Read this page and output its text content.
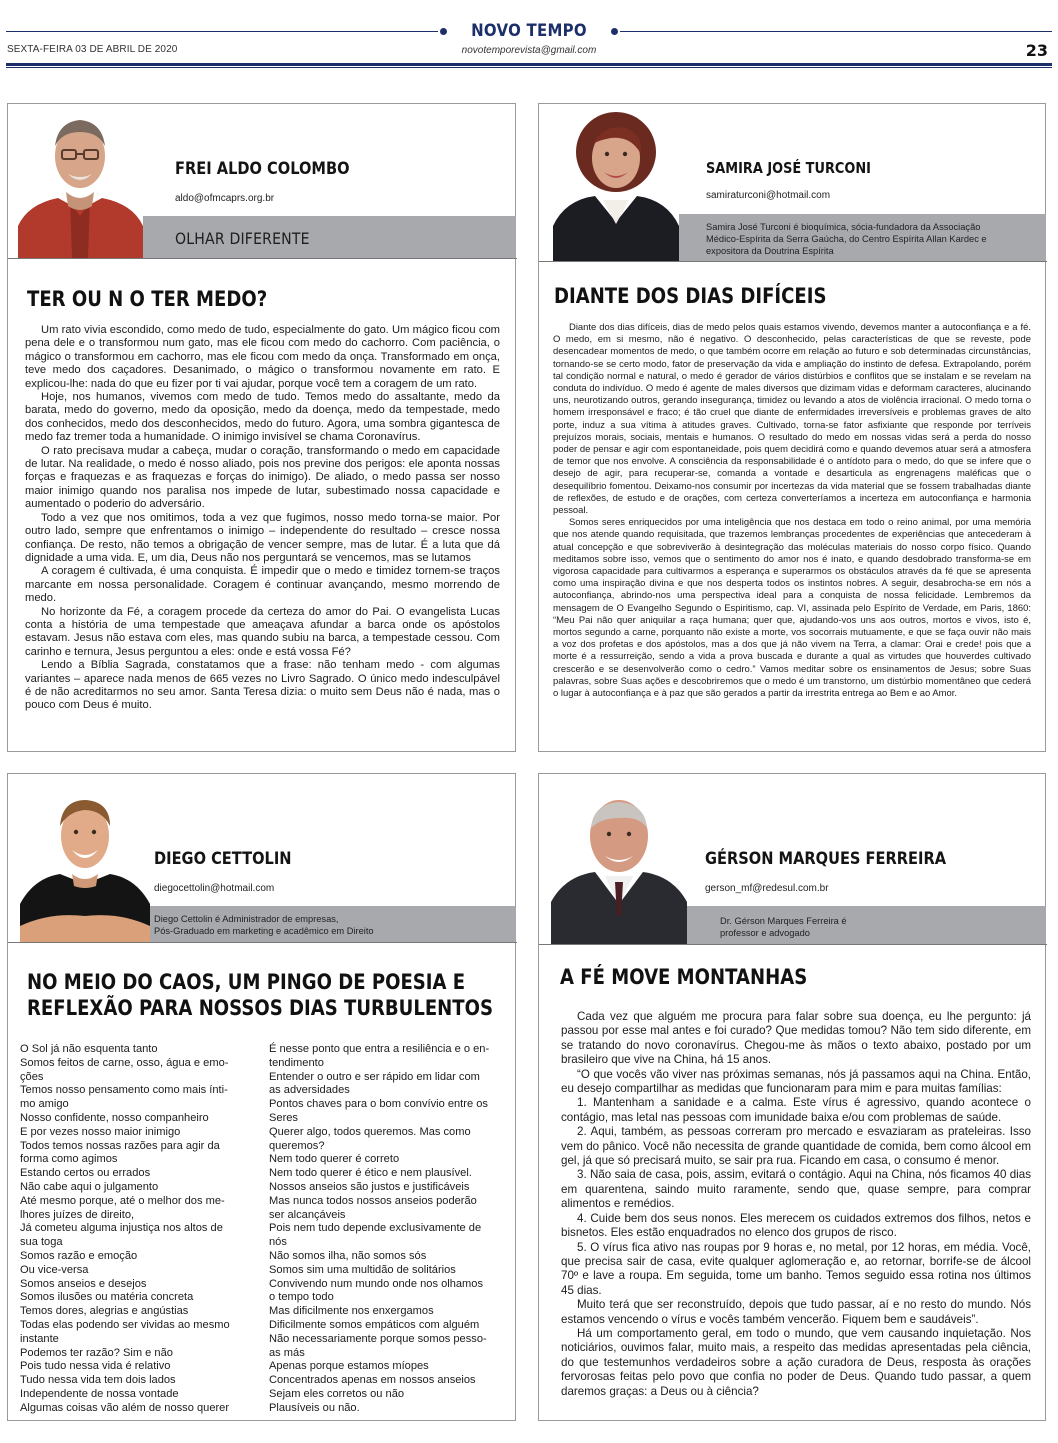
NOVO TEMPO
SEXTA-FEIRA 03 DE ABRIL DE 2020	novotemporevista@gmail.com	23
FREI ALDO COLOMBO
aldo@ofmcaprs.org.br
OLHAR DIFERENTE
TER OU N O TER MEDO?

Um rato vivia escondido, como medo de tudo, especialmente do gato. Um mágico ficou com pena dele e o transformou num gato, mas ele ficou com medo do cachorro. Com paciência, o mágico o transformou em cachorro, mas ele ficou com medo da onça. Transformado em onça, teve medo dos caçadores. Desanimado, o mágico o transformou novamente em rato. E explicou-lhe: nada do que eu fizer por ti vai ajudar, porque você tem a coragem de um rato.

Hoje, nos humanos, vivemos com medo de tudo. Temos medo do assaltante, medo da barata, medo do governo, medo da oposição, medo da doença, medo da tempestade, medo dos conhecidos, medo dos desconhecidos, medo do futuro. Agora, uma sombra gigantesca de medo faz tremer toda a humanidade. O inimigo invisível se chama Coronavírus.

O rato precisava mudar a cabeça, mudar o coração, transformando o medo em capacidade de lutar. Na realidade, o medo é nosso aliado, pois nos previne dos perigos: ele aponta nossas forças e fraquezas e as fraquezas e forças do inimigo). De aliado, o medo passa ser nosso maior inimigo quando nos paralisa nos impede de lutar, subestimado nossa capacidade e aumentado o poderio do adversário.

Todo a vez que nos omitimos, toda a vez que fugimos, nosso medo torna-se maior. Por outro lado, sempre que enfrentamos o inimigo – independente do resultado – cresce nossa confiança. De resto, não temos a obrigação de vencer sempre, mas de lutar. É a luta que dá dignidade a uma vida. E, um dia, Deus não nos perguntará se vencemos, mas se lutamos

A coragem é cultivada, é uma conquista. É impedir que o medo e timidez tornem-se traços marcante em nossa personalidade. Coragem é continuar avançando, mesmo morrendo de medo.

No horizonte da Fé, a coragem procede da certeza do amor do Pai. O evangelista Lucas conta a história de uma tempestade que ameaçava afundar a barca onde os apóstolos estavam. Jesus não estava com eles, mas quando subiu na barca, a tempestade cessou. Com carinho e ternura, Jesus perguntou a eles: onde e está vossa Fé?

Lendo a Bíblia Sagrada, constatamos que a frase: não tenham medo - com algumas variantes – aparece nada menos de 665 vezes no Livro Sagrado. O único medo indesculpável é de não acreditarmos no seu amor. Santa Teresa dizia: o muito sem Deus não é nada, mas o pouco com Deus é muito.

SAMIRA JOSÉ TURCONI
samiraturconi@hotmail.com
Samira José Turconi é bioquímica, sócia-fundadora da Associação Médico-Espírita da Serra Gaúcha, do Centro Espírita Allan Kardec e expositora da Doutrina Espírita
DIANTE DOS DIAS DIFÍCEIS

Diante dos dias difíceis, dias de medo pelos quais estamos vivendo, devemos manter a autoconfiança e a fé. O medo, em si mesmo, não é negativo. O desconhecido, pelas características de que se reveste, pode desencadear momentos de medo, o que também ocorre em relação ao futuro e sob determinadas circunstâncias, tornando-se se certo modo, fator de preservação da vida e ampliação do instinto de defesa. Extrapolando, porém tal condição normal e natural, o medo é gerador de vários distúrbios e conflitos que se instalam e se revelam na conduta do indivíduo. O medo é agente de males diversos que dizimam vidas e deformam caracteres, alucinando uns, neurotizando outros, gerando insegurança, timidez ou levando a atos de violência irracional. O medo torna o homem irresponsável e fraco; é tão cruel que diante de enfermidades irreversíveis e problemas graves de alto porte, induz a sua vítima à atitudes graves. Cultivado, torna-se fator asfixiante que responde por terríveis prejuízos morais, sociais, mentais e humanos. O resultado do medo em nossas vidas será a perda do nosso poder de pensar e agir com espontaneidade, pois quem decidirá como e quando devemos atuar será a atmosfera de temor que nos envolve. A consciência da responsabilidade é o antídoto para o medo, do que se infere que o desejo de agir, para recuperar-se, comanda a vontade e desarticula as engrenagens maléficas que o desequilíbrio fomentou. Deixamo-nos consumir por incertezas da vida material que se fossem trabalhadas diante de reflexões, de estudo e de orações, com certeza converteríamos a incerteza em autoconfiança e harmonia pessoal.

Somos seres enriquecidos por uma inteligência que nos destaca em todo o reino animal, por uma memória que nos atende quando requisitada, que trazemos lembranças procedentes de experiências que antecederam à atual concepção e que sobreviverão à desintegração das moléculas materiais do nosso corpo físico. Quando meditamos sobre isso, vemos que o sentimento do amor nos é inato, e quando desdobrado transforma-se em vigorosa capacidade para cultivarmos a esperança e superarmos os obstáculos através da fé que se apresenta como uma inspiração divina e que nos desperta todos os instintos nobres. A seguir, desabrocha-se em nós a autoconfiança, abrindo-nos uma perspectiva ideal para a conquista de nossa felicidade. Lembremos da mensagem de O Evangelho Segundo o Espiritismo, cap. VI, assinada pelo Espírito de Verdade, em Paris, 1860: “Meu Pai não quer aniquilar a raça humana; quer que, ajudando-vos uns aos outros, mortos e vivos, isto é, mortos segundo a carne, porquanto não existe a morte, vos socorrais mutuamente, e que se faça ouvir não mais a voz dos profetas e dos apóstolos, mas a dos que já não vivem na Terra, a clamar: Orai e crede! pois que a morte é a ressurreição, sendo a vida a prova buscada e durante a qual as virtudes que houverdes cultivado crescerão e se desenvolverão como o cedro.” Vamos meditar sobre os ensinamentos de Jesus; sobre Suas palavras, sobre Suas ações e descobriremos que o medo é um transtorno, um distúrbio momentâneo que cederá o lugar à autoconfiança e à paz que são gerados a partir da irrestrita entrega ao Bem e ao Amor.

DIEGO CETTOLIN
diegocettolin@hotmail.com
Diego Cettolin é Administrador de empresas,
Pós-Graduado em marketing e acadêmico em Direito
NO MEIO DO CAOS, UM PINGO DE POESIA E
REFLEXÃO PARA NOSSOS DIAS TURBULENTOS
O Sol já não esquenta tanto
Somos feitos de carne, osso, água e emo-
ções
Temos nosso pensamento como mais ínti-
mo amigo
Nosso confidente, nosso companheiro
E por vezes nosso maior inimigo
Todos temos nossas razões para agir da
forma como agimos
Estando certos ou errados
Não cabe aqui o julgamento
Até mesmo porque, até o melhor dos me-
lhores juízes de direito,
Já cometeu alguma injustiça nos altos de
sua toga
Somos razão e emoção
Ou vice-versa
Somos anseios e desejos
Somos ilusões ou matéria concreta
Temos dores, alegrias e angústias
Todas elas podendo ser vividas ao mesmo
instante
Podemos ter razão? Sim e não
Pois tudo nessa vida é relativo
Tudo nessa vida tem dois lados
Independente de nossa vontade
Algumas coisas vão além de nosso querer
É nesse ponto que entra a resiliência e o en-
tendimento
Entender o outro e ser rápido em lidar com
as adversidades
Pontos chaves para o bom convívio entre os
Seres
Querer algo, todos queremos. Mas como
queremos?
Nem todo querer é correto
Nem todo querer é ético e nem plausível.
Nossos anseios são justos e justificáveis
Mas nunca todos nossos anseios poderão
ser alcançáveis
Pois nem tudo depende exclusivamente de
nós
Não somos ilha, não somos sós
Somos sim uma multidão de solitários
Convivendo num mundo onde nos olhamos
o tempo todo
Mas dificilmente nos enxergamos
Dificilmente somos empáticos com alguém
Não necessariamente porque somos pesso-
as más
Apenas porque estamos míopes
Concentrados apenas em nossos anseios
Sejam eles corretos ou não
Plausíveis ou não.
GÉRSON MARQUES FERREIRA
gerson_mf@redesul.com.br
Dr. Gérson Marques Ferreira é
professor e advogado
A FÉ MOVE MONTANHAS

Cada vez que alguém me procura para falar sobre sua doença, eu lhe pergunto: já passou por esse mal antes e foi curado? Que medidas tomou? Não tem sido diferente, em se tratando do novo coronavírus. Chegou-me às mãos o texto abaixo, postado por um brasileiro que vive na China, há 15 anos.

“O que vocês vão viver nas próximas semanas, nós já passamos aqui na China. Então, eu desejo compartilhar as medidas que funcionaram para mim e para muitas famílias:

1. Mantenham a sanidade e a calma. Este vírus é agressivo, quando acontece o contágio, mas letal nas pessoas com imunidade baixa e/ou com problemas de saúde.

2. Aqui, também, as pessoas correram pro mercado e esvaziaram as prateleiras. Isso vem do pânico. Você não necessita de grande quantidade de comida, bem como álcool em gel, já que só precisará muito, se sair pra rua. Ficando em casa, o consumo é menor.

3. Não saia de casa, pois, assim, evitará o contágio. Aqui na China, nós ficamos 40 dias em quarentena, saindo muito raramente, sendo que, quase sempre, para comprar alimentos e remédios.

4. Cuide bem dos seus nonos. Eles merecem os cuidados extremos dos filhos, netos e bisnetos. Eles estão enquadrados no elenco dos grupos de risco.

5. O vírus fica ativo nas roupas por 9 horas e, no metal, por 12 horas, em média. Você, que precisa sair de casa, evite qualquer aglomeração e, ao retornar, borrife-se de álcool 70º e lave a roupa. Em seguida, tome um banho. Temos seguido essa rotina nos últimos 45 dias.

Muito terá que ser reconstruído, depois que tudo passar, aí e no resto do mundo. Nós estamos vencendo o vírus e vocês também vencerão. Fiquem bem e saudáveis”.

Há um comportamento geral, em todo o mundo, que vem causando inquietação. Nos noticiários, ouvimos falar, muito mais, a respeito das medidas apresentadas pela ciência, do que testemunhos verdadeiros sobre a ação curadora de Deus, resposta às orações fervorosas feitas pelo povo que confia no poder de Deus. Quando tudo passar, a quem daremos graças: a Deus ou à ciência?
